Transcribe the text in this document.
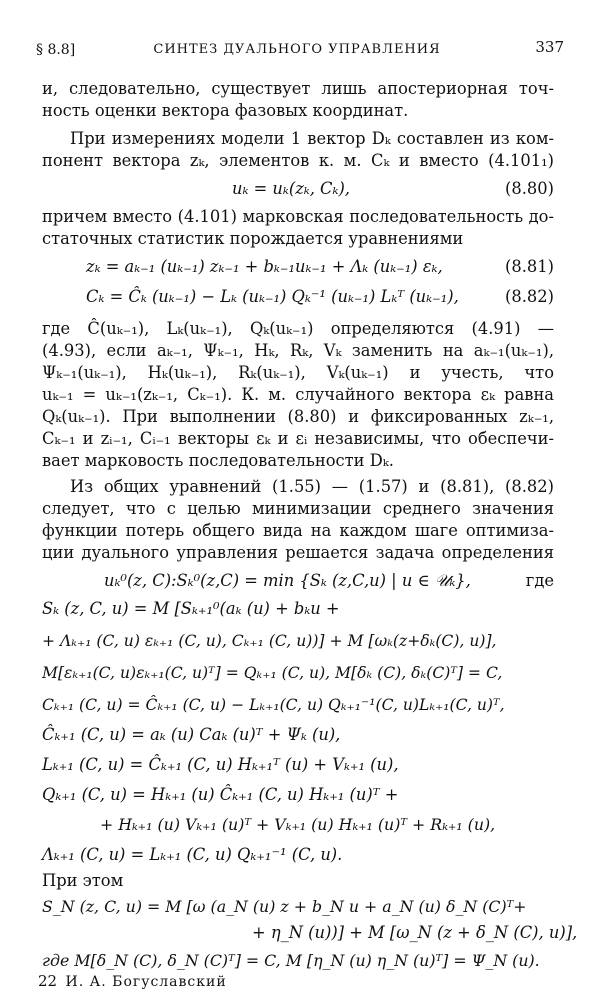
§ 8.8]	СИНТЕЗ ДУАЛЬНОГО УПРАВЛЕНИЯ	337
и, следовательно, существует лишь апостериорная точ-
ность оценки вектора фазовых координат.
При измерениях модели 1 вектор Dₖ составлен из ком-
понент вектора zₖ, элементов к. м. Cₖ и вместо (4.101₁)
uₖ = uₖ(zₖ, Cₖ),	(8.80)
причем вместо (4.101) марковская последовательность до-
статочных статистик порождается уравнениями
zₖ = aₖ₋₁ (uₖ₋₁) zₖ₋₁ + bₖ₋₁uₖ₋₁ + Λₖ (uₖ₋₁) εₖ,	(8.81)
Cₖ = Ĉₖ (uₖ₋₁) − Lₖ (uₖ₋₁) Qₖ⁻¹ (uₖ₋₁) Lₖᵀ (uₖ₋₁),	(8.82)
где Ĉ(uₖ₋₁), Lₖ(uₖ₋₁), Qₖ(uₖ₋₁) определяются (4.91) —
(4.93), если aₖ₋₁, Ψₖ₋₁, Hₖ, Rₖ, Vₖ заменить на aₖ₋₁(uₖ₋₁),
Ψₖ₋₁(uₖ₋₁), Hₖ(uₖ₋₁), Rₖ(uₖ₋₁), Vₖ(uₖ₋₁) и учесть, что
uₖ₋₁ = uₖ₋₁(zₖ₋₁, Cₖ₋₁). К. м. случайного вектора εₖ равна
Qₖ(uₖ₋₁). При выполнении (8.80) и фиксированных zₖ₋₁,
Cₖ₋₁ и zᵢ₋₁, Cᵢ₋₁ векторы εₖ и εᵢ независимы, что обеспечи-
вает марковость последовательности Dₖ.
Из общих уравнений (1.55) — (1.57) и (8.81), (8.82)
следует, что с целью минимизации среднего значения
функции потерь общего вида на каждом шаге оптимиза-
ции дуального управления решается задача определения
uₖ⁰(z, C):Sₖ⁰(z,C) = min {Sₖ (z,C,u) | u ∈ 𝒰ₖ},	где
Sₖ (z, C, u) = M [Sₖ₊₁⁰(aₖ (u) + bₖu +
+ Λₖ₊₁ (C, u) εₖ₊₁ (C, u), Cₖ₊₁ (C, u))] + M [ωₖ(z+δₖ(C), u)],
M[εₖ₊₁(C, u)εₖ₊₁(C, u)ᵀ] = Qₖ₊₁ (C, u), M[δₖ (C), δₖ(C)ᵀ] = C,
Cₖ₊₁ (C, u) = Ĉₖ₊₁ (C, u) − Lₖ₊₁(C, u) Qₖ₊₁⁻¹(C, u)Lₖ₊₁(C, u)ᵀ,
Ĉₖ₊₁ (C, u) = aₖ (u) Caₖ (u)ᵀ + Ψₖ (u),
Lₖ₊₁ (C, u) = Ĉₖ₊₁ (C, u) Hₖ₊₁ᵀ (u) + Vₖ₊₁ (u),
Qₖ₊₁ (C, u) = Hₖ₊₁ (u) Ĉₖ₊₁ (C, u) Hₖ₊₁ (u)ᵀ +
+ Hₖ₊₁ (u) Vₖ₊₁ (u)ᵀ + Vₖ₊₁ (u) Hₖ₊₁ (u)ᵀ + Rₖ₊₁ (u),
Λₖ₊₁ (C, u) = Lₖ₊₁ (C, u) Qₖ₊₁⁻¹ (C, u).
При этом
S_N (z, C, u) = M [ω (a_N (u) z + b_N u + a_N (u) δ_N (C)ᵀ+
+ η_N (u))] + M [ω_N (z + δ_N (C), u)],
где M[δ_N (C), δ_N (C)ᵀ] = C, M [η_N (u) η_N (u)ᵀ] = Ψ_N (u).
22 И. А. Богуславский
